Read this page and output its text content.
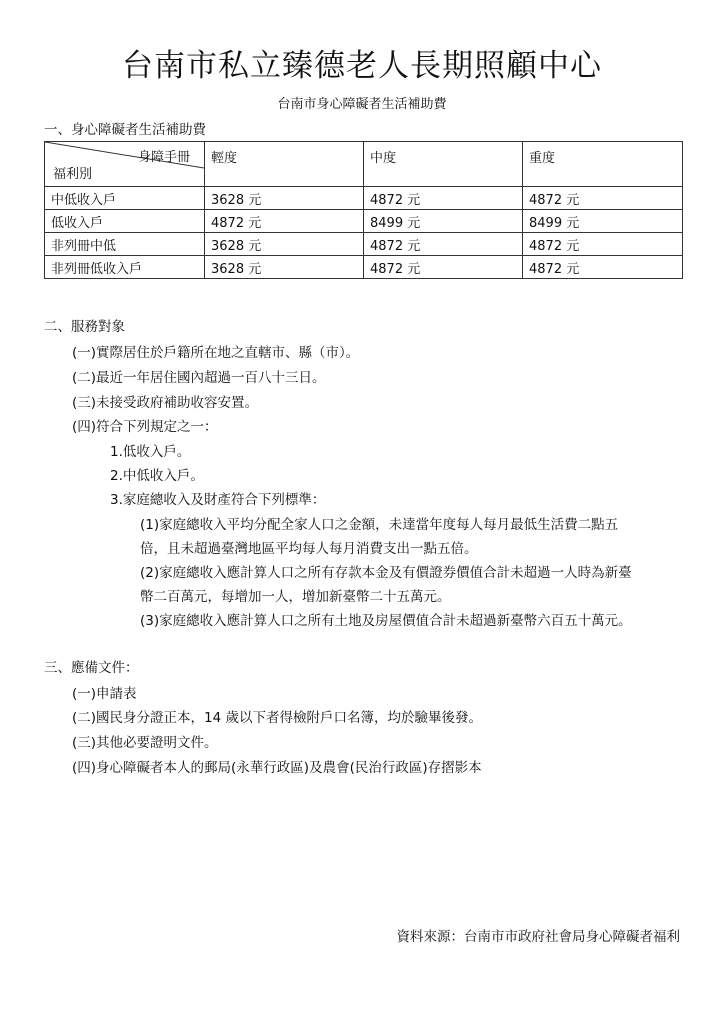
台南市私立臻德老人長期照顧中心
台南市身心障礙者生活補助費
一、身心障礙者生活補助費
身障手冊
福利別	輕度	中度	重度
中低收入戶	3628 元	4872 元	4872 元
低收入戶	4872 元	8499 元	8499 元
非列冊中低	3628 元	4872 元	4872 元
非列冊低收入戶	3628 元	4872 元	4872 元
二、服務對象
(一)實際居住於戶籍所在地之直轄市、縣（市）。
(二)最近一年居住國內超過一百八十三日。
(三)未接受政府補助收容安置。
(四)符合下列規定之一：
1.低收入戶。
2.中低收入戶。
3.家庭總收入及財產符合下列標準：
(1)家庭總收入平均分配全家人口之金額，未達當年度每人每月最低生活費二點五
倍，且未超過臺灣地區平均每人每月消費支出一點五倍。
(2)家庭總收入應計算人口之所有存款本金及有價證券價值合計未超過一人時為新臺
幣二百萬元，每增加一人，增加新臺幣二十五萬元。
(3)家庭總收入應計算人口之所有土地及房屋價值合計未超過新臺幣六百五十萬元。
三、應備文件：
(一)申請表
(二)國民身分證正本，14 歲以下者得檢附戶口名簿，均於驗畢後發。
(三)其他必要證明文件。
(四)身心障礙者本人的郵局(永華行政區)及農會(民治行政區)存摺影本
資料來源：台南市市政府社會局身心障礙者福利
